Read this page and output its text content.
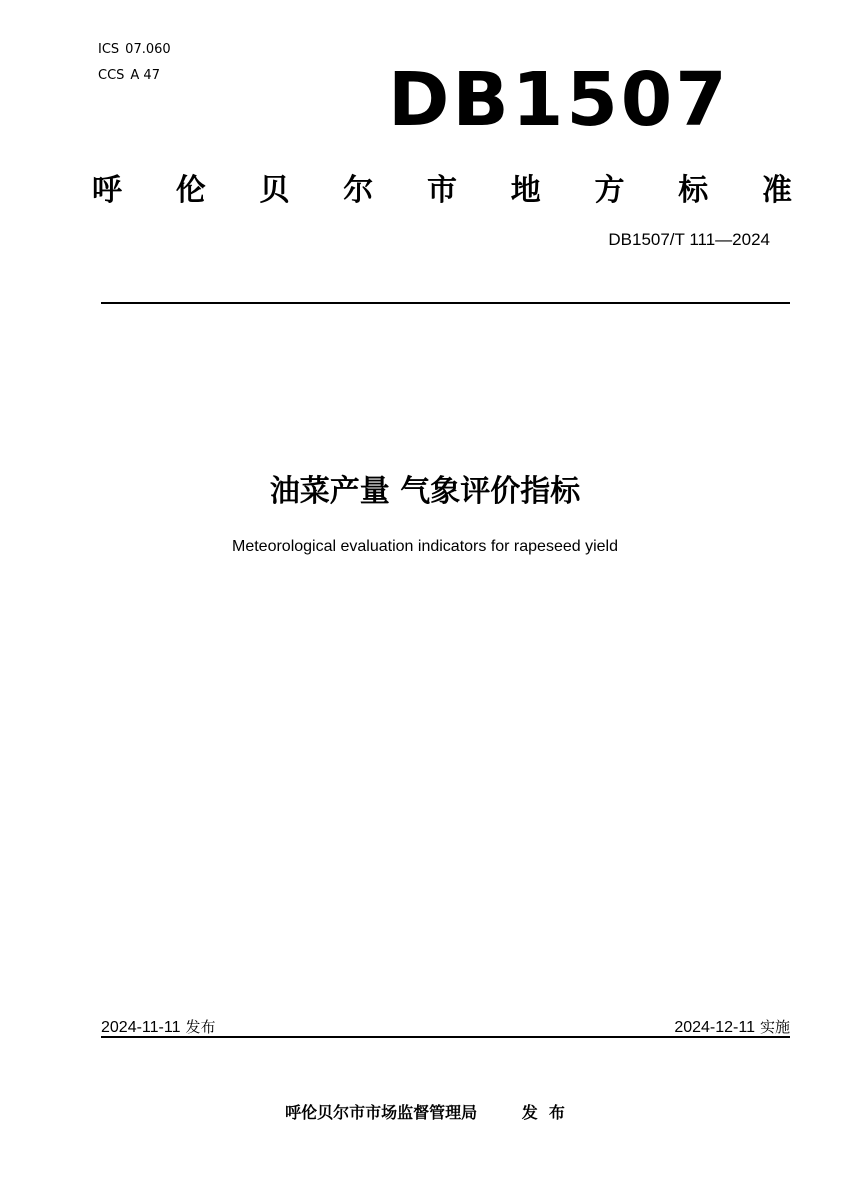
ICS 07.060
CCS A 47	DB1507
呼 伦 贝 尔 市 地 方 标 准
DB1507/T 111—2024
油菜产量 气象评价指标
Meteorological evaluation indicators for rapeseed yield
2024-11-11 发布	2024-12-11 实施
呼伦贝尔市市场监督管理局	发  布
